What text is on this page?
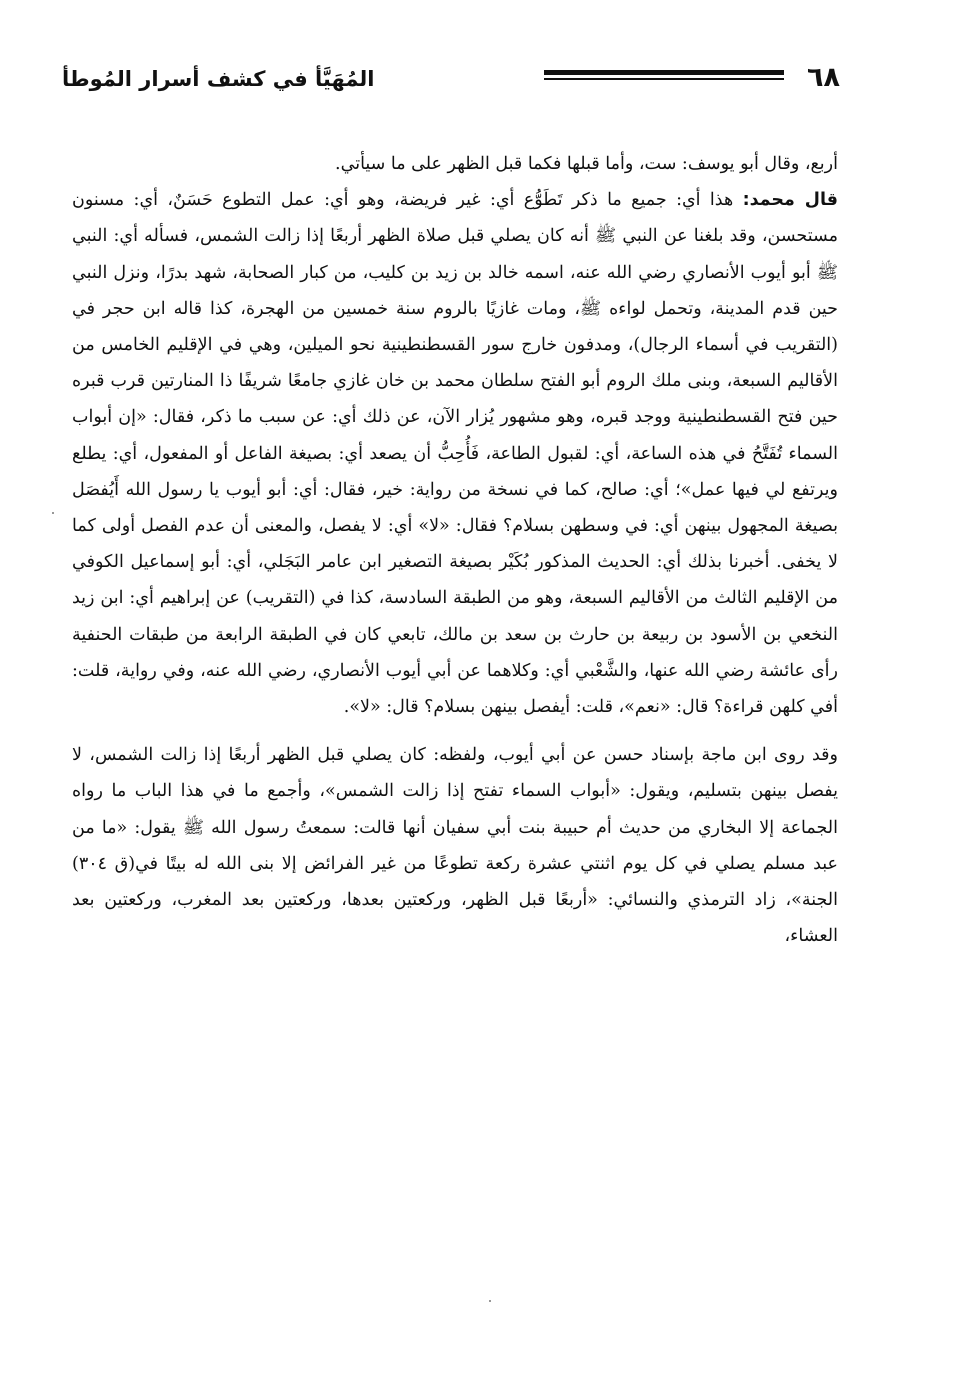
٦٨
المُهَيَّأ في كشف أسرار المُوطأ

أربع، وقال أبو يوسف: ست، وأما قبلها فكما قبل الظهر على ما سيأتي.

قال محمد: هذا أي: جميع ما ذكر تَطَوُّع أي: غير فريضة، وهو أي: عمل التطوع حَسَنٌ، أي: مسنون مستحسن، وقد بلغنا عن النبي ﷺ أنه كان يصلي قبل صلاة الظهر أربعًا إذا زالت الشمس، فسأله أي: النبي ﷺ أبو أيوب الأنصاري رضي الله عنه، اسمه خالد بن زيد بن كليب، من كبار الصحابة، شهد بدرًا، ونزل النبي حين قدم المدينة، وتحمل لواءه ﷺ، ومات غازيًا بالروم سنة خمسين من الهجرة، كذا قاله ابن حجر في (التقريب في أسماء الرجال)، ومدفون خارج سور القسطنطينية نحو الميلين، وهي في الإقليم الخامس من الأقاليم السبعة، وبنى ملك الروم أبو الفتح سلطان محمد بن خان غازي جامعًا شريفًا ذا المنارتين قرب قبره حين فتح القسطنطينية ووجد قبره، وهو مشهور يُزار الآن، عن ذلك أي: عن سبب ما ذكر، فقال: «إن أبواب السماء تُفَتَّحُ في هذه الساعة، أي: لقبول الطاعة، فَأُحِبُّ أن يصعد أي: بصيغة الفاعل أو المفعول، أي: يطلع ويرتفع لي فيها عمل»؛ أي: صالح، كما في نسخة من رواية: خير، فقال: أي: أبو أيوب يا رسول الله أَيُفصَل بصيغة المجهول بينهن أي: في وسطهن بسلام؟ فقال: «لا» أي: لا يفصل، والمعنى أن عدم الفصل أولى كما لا يخفى. أخبرنا بذلك أي: الحديث المذكور بُكَيْر بصيغة التصغير ابن عامر البَجَلي، أي: أبو إسماعيل الكوفي من الإقليم الثالث من الأقاليم السبعة، وهو من الطبقة السادسة، كذا في (التقريب) عن إبراهيم أي: ابن زيد النخعي بن الأسود بن ربيعة بن حارث بن سعد بن مالك، تابعي كان في الطبقة الرابعة من طبقات الحنفية رأى عائشة رضي الله عنها، والشَّعْبي أي: وكلاهما عن أبي أيوب الأنصاري، رضي الله عنه، وفي رواية، قلت: أفي كلهن قراءة؟ قال: «نعم»، قلت: أيفصل بينهن بسلام؟ قال: «لا».

وقد روى ابن ماجة بإسناد حسن عن أبي أيوب، ولفظه: كان يصلي قبل الظهر أربعًا إذا زالت الشمس، لا يفصل بينهن بتسليم، ويقول: «أبواب السماء تفتح إذا زالت الشمس»، وأجمع ما في هذا الباب ما رواه الجماعة إلا البخاري من حديث أم حبيبة بنت أبي سفيان أنها قالت: سمعتُ رسول الله ﷺ يقول: «ما من عبد مسلم يصلي في كل يوم اثنتي عشرة ركعة تطوعًا من غير الفرائض إلا بنى الله له بيتًا في(ق ٣٠٤) الجنة»، زاد الترمذي والنسائي: «أربعًا قبل الظهر، وركعتين بعدها، وركعتين بعد المغرب، وركعتين بعد العشاء،
